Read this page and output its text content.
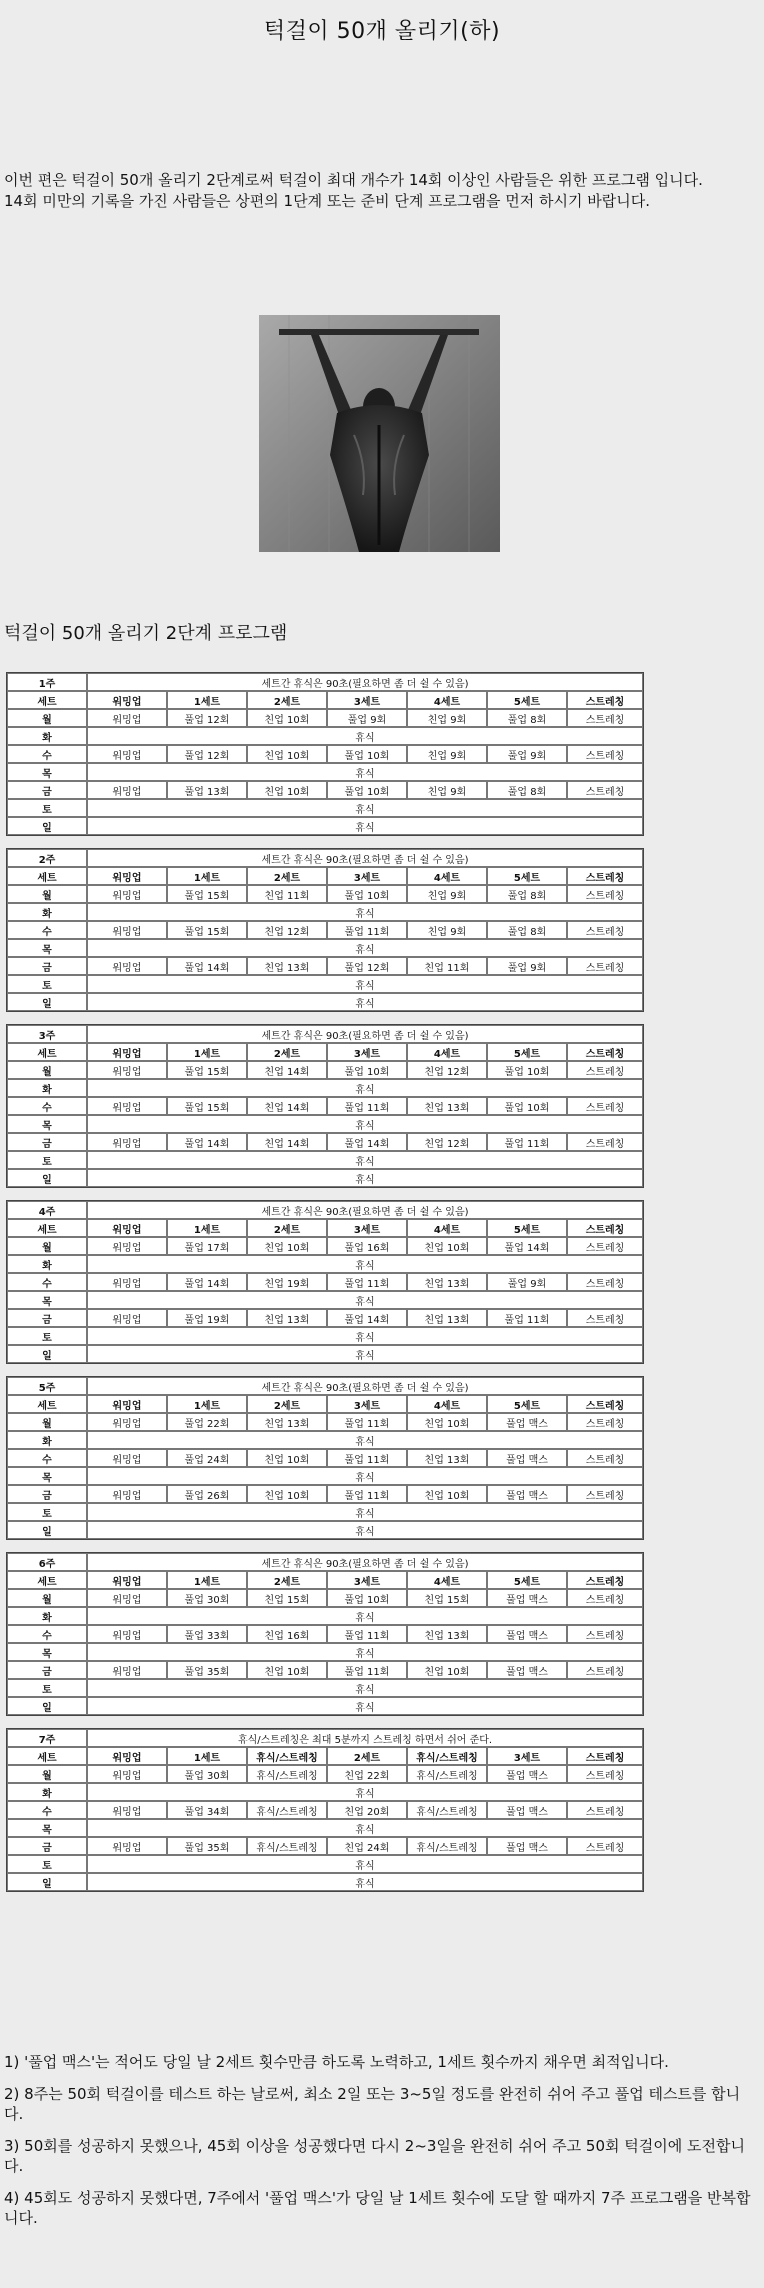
턱걸이 50개 올리기(하)

이번 편은 턱걸이 50개 올리기 2단계로써 턱걸이 최대 개수가 14회 이상인 사람들은 위한 프로그램 입니다.

14회 미만의 기록을 가진 사람들은 상편의 1단계 또는 준비 단계 프로그램을 먼저 하시기 바랍니다.

턱걸이 50개 올리기 2단계 프로그램
1주	세트간 휴식은 90초(필요하면 좀 더 쉴 수 있음)						
세트	워밍업	1세트	2세트	3세트	4세트	5세트	스트레칭
월	워밍업	풀업 12회	친업 10회	풀업 9회	친업 9회	풀업 8회	스트레칭
화	휴식						
수	워밍업	풀업 12회	친업 10회	풀업 10회	친업 9회	풀업 9회	스트레칭
목	휴식						
금	워밍업	풀업 13회	친업 10회	풀업 10회	친업 9회	풀업 8회	스트레칭
토	휴식						
일	휴식						
2주	세트간 휴식은 90초(필요하면 좀 더 쉴 수 있음)						
세트	워밍업	1세트	2세트	3세트	4세트	5세트	스트레칭
월	워밍업	풀업 15회	친업 11회	풀업 10회	친업 9회	풀업 8회	스트레칭
화	휴식						
수	워밍업	풀업 15회	친업 12회	풀업 11회	친업 9회	풀업 8회	스트레칭
목	휴식						
금	워밍업	풀업 14회	친업 13회	풀업 12회	친업 11회	풀업 9회	스트레칭
토	휴식						
일	휴식						
3주	세트간 휴식은 90초(필요하면 좀 더 쉴 수 있음)						
세트	워밍업	1세트	2세트	3세트	4세트	5세트	스트레칭
월	워밍업	풀업 15회	친업 14회	풀업 10회	친업 12회	풀업 10회	스트레칭
화	휴식						
수	워밍업	풀업 15회	친업 14회	풀업 11회	친업 13회	풀업 10회	스트레칭
목	휴식						
금	워밍업	풀업 14회	친업 14회	풀업 14회	친업 12회	풀업 11회	스트레칭
토	휴식						
일	휴식						
4주	세트간 휴식은 90초(필요하면 좀 더 쉴 수 있음)						
세트	워밍업	1세트	2세트	3세트	4세트	5세트	스트레칭
월	워밍업	풀업 17회	친업 10회	풀업 16회	친업 10회	풀업 14회	스트레칭
화	휴식						
수	워밍업	풀업 14회	친업 19회	풀업 11회	친업 13회	풀업 9회	스트레칭
목	휴식						
금	워밍업	풀업 19회	친업 13회	풀업 14회	친업 13회	풀업 11회	스트레칭
토	휴식						
일	휴식						
5주	세트간 휴식은 90초(필요하면 좀 더 쉴 수 있음)						
세트	워밍업	1세트	2세트	3세트	4세트	5세트	스트레칭
월	워밍업	풀업 22회	친업 13회	풀업 11회	친업 10회	풀업 맥스	스트레칭
화	휴식						
수	워밍업	풀업 24회	친업 10회	풀업 11회	친업 13회	풀업 맥스	스트레칭
목	휴식						
금	워밍업	풀업 26회	친업 10회	풀업 11회	친업 10회	풀업 맥스	스트레칭
토	휴식						
일	휴식						
6주	세트간 휴식은 90초(필요하면 좀 더 쉴 수 있음)						
세트	워밍업	1세트	2세트	3세트	4세트	5세트	스트레칭
월	워밍업	풀업 30회	친업 15회	풀업 10회	친업 15회	풀업 맥스	스트레칭
화	휴식						
수	워밍업	풀업 33회	친업 16회	풀업 11회	친업 13회	풀업 맥스	스트레칭
목	휴식						
금	워밍업	풀업 35회	친업 10회	풀업 11회	친업 10회	풀업 맥스	스트레칭
토	휴식						
일	휴식						
7주	휴식/스트레칭은 최대 5분까지 스트레칭 하면서 쉬어 준다.						
세트	워밍업	1세트	휴식/스트레칭	2세트	휴식/스트레칭	3세트	스트레칭
월	워밍업	풀업 30회	휴식/스트레칭	친업 22회	휴식/스트레칭	풀업 맥스	스트레칭
화	휴식						
수	워밍업	풀업 34회	휴식/스트레칭	친업 20회	휴식/스트레칭	풀업 맥스	스트레칭
목	휴식						
금	워밍업	풀업 35회	휴식/스트레칭	친업 24회	휴식/스트레칭	풀업 맥스	스트레칭
토	휴식						
일	휴식						

1) '풀업 맥스'는 적어도 당일 날 2세트 횟수만큼 하도록 노력하고, 1세트 횟수까지 채우면 최적입니다.

2) 8주는 50회 턱걸이를 테스트 하는 날로써, 최소 2일 또는 3~5일 정도를 완전히 쉬어 주고 풀업 테스트를 합니다.

3) 50회를 성공하지 못했으나, 45회 이상을 성공했다면 다시 2~3일을 완전히 쉬어 주고 50회 턱걸이에 도전합니다.

4) 45회도 성공하지 못했다면, 7주에서 '풀업 맥스'가 당일 날 1세트 횟수에 도달 할 때까지 7주 프로그램을 반복합니다.
